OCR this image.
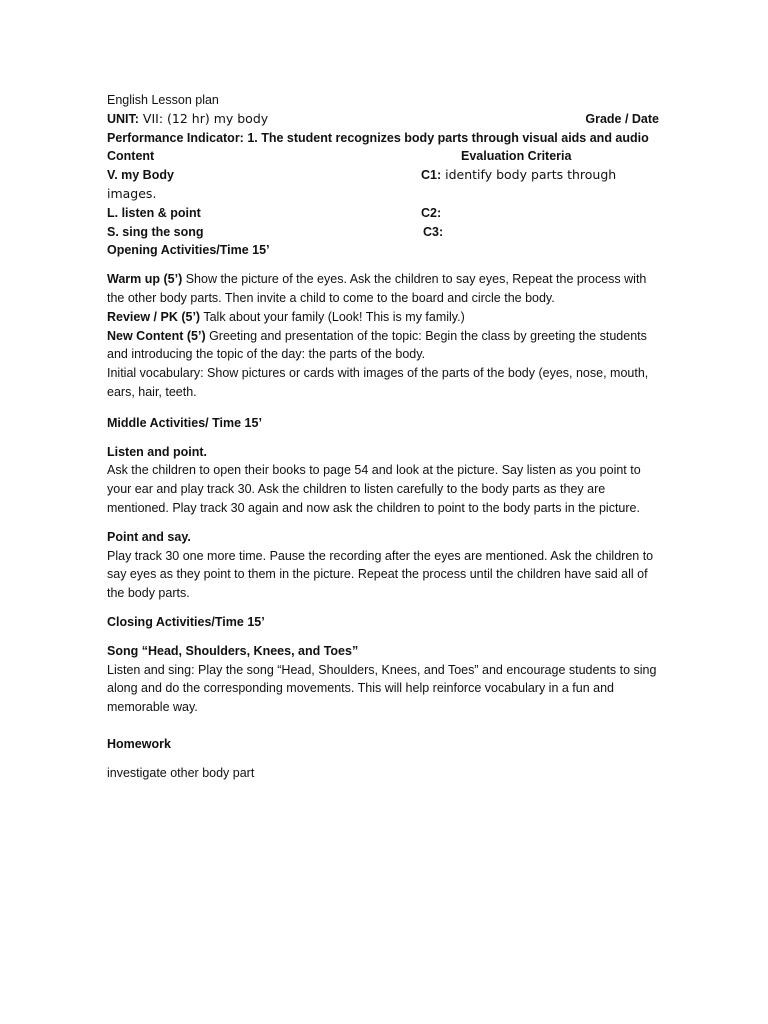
English Lesson plan
UNIT: VII: (12 hr) my body	Grade / Date
Performance Indicator: 1. The student recognizes body parts through visual aids and audio
Content	Evaluation Criteria
V. my Body	C1: identify body parts through
images.
L. listen & point	C2:
S. sing the song	C3:
Opening Activities/Time 15’

Warm up (5’) Show the picture of the eyes. Ask the children to say eyes, Repeat the process with the other body parts. Then invite a child to come to the board and circle the body.

Review / PK (5’) Talk about your family (Look! This is my family.)

New Content (5’) Greeting and presentation of the topic: Begin the class by greeting the students and introducing the topic of the day: the parts of the body.

Initial vocabulary: Show pictures or cards with images of the parts of the body (eyes, nose, mouth, ears, hair, teeth.

Middle Activities/ Time 15’
Listen and point.

Ask the children to open their books to page 54 and look at the picture. Say listen as you point to your ear and play track 30. Ask the children to listen carefully to the body parts as they are mentioned. Play track 30 again and now ask the children to point to the body parts in the picture.

Point and say.

Play track 30 one more time. Pause the recording after the eyes are mentioned. Ask the children to say eyes as they point to them in the picture. Repeat the process until the children have said all of the body parts.

Closing Activities/Time 15’
Song “Head, Shoulders, Knees, and Toes”

Listen and sing: Play the song “Head, Shoulders, Knees, and Toes” and encourage students to sing along and do the corresponding movements. This will help reinforce vocabulary in a fun and memorable way.

Homework
investigate other body part
